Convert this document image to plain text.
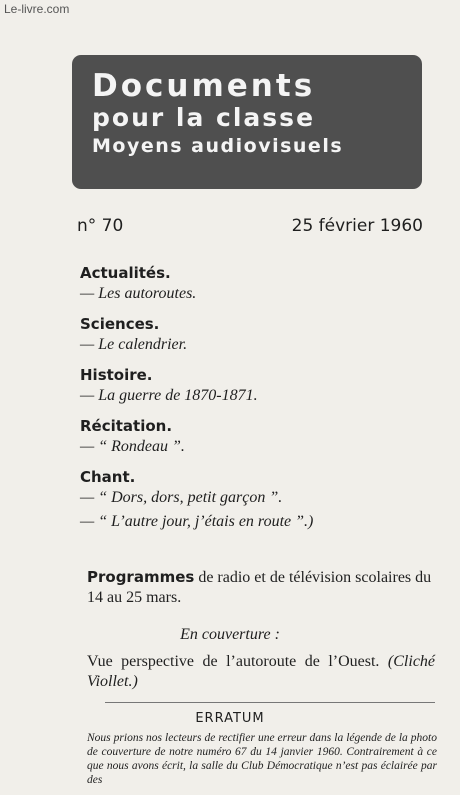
Le-livre.com
Documents
pour la classe
Moyens audiovisuels
n° 70	25 février 1960

Actualités.

— Les autoroutes.

Sciences.

— Le calendrier.

Histoire.

— La guerre de 1870-1871.

Récitation.

— “ Rondeau ”.

Chant.

— “ Dors, dors, petit garçon ”.

— “ L’autre jour, j’étais en route ”.)

Programmes de radio et de télévision scolaires du 14 au 25 mars.
En couverture :
Vue perspective de l’autoroute de l’Ouest. (Cliché Viollet.)
ERRATUM
Nous prions nos lecteurs de rectifier une erreur dans la légende de la photo de couverture de notre numéro 67 du 14 janvier 1960. Contrairement à ce que nous avons écrit, la salle du Club Démocratique n’est pas éclairée par des
